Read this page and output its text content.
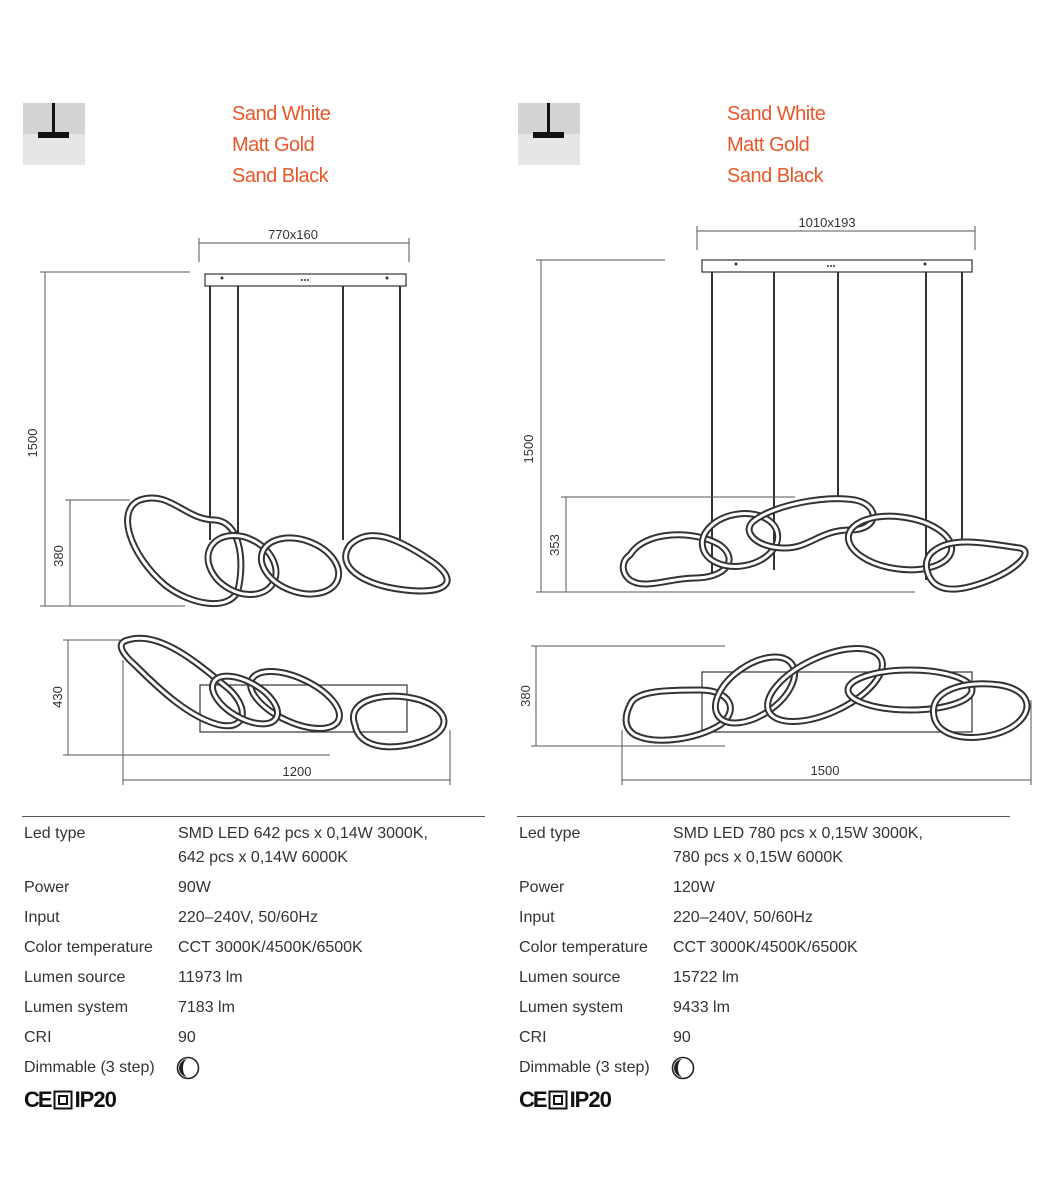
Sand White
Matt Gold
Sand Black
770x160
1500
380
430
1200
Led type	SMD LED 642 pcs x 0,14W 3000K,
642 pcs x 0,14W 6000K

Power	90W
Input	220–240V, 50/60Hz
Color temperature	CCT 3000K/4500K/6500K
Lumen source	11973 lm
Lumen system	7183 lm
CRI	90
Dimmable (3 step)	
CE IP20
Sand White
Matt Gold
Sand Black
1010x193
1500
353
380
1500
Led type	SMD LED 780 pcs x 0,15W 3000K,
780 pcs x 0,15W 6000K

Power	120W
Input	220–240V, 50/60Hz
Color temperature	CCT 3000K/4500K/6500K
Lumen source	15722 lm
Lumen system	9433 lm
CRI	90
Dimmable (3 step)	
CE IP20
